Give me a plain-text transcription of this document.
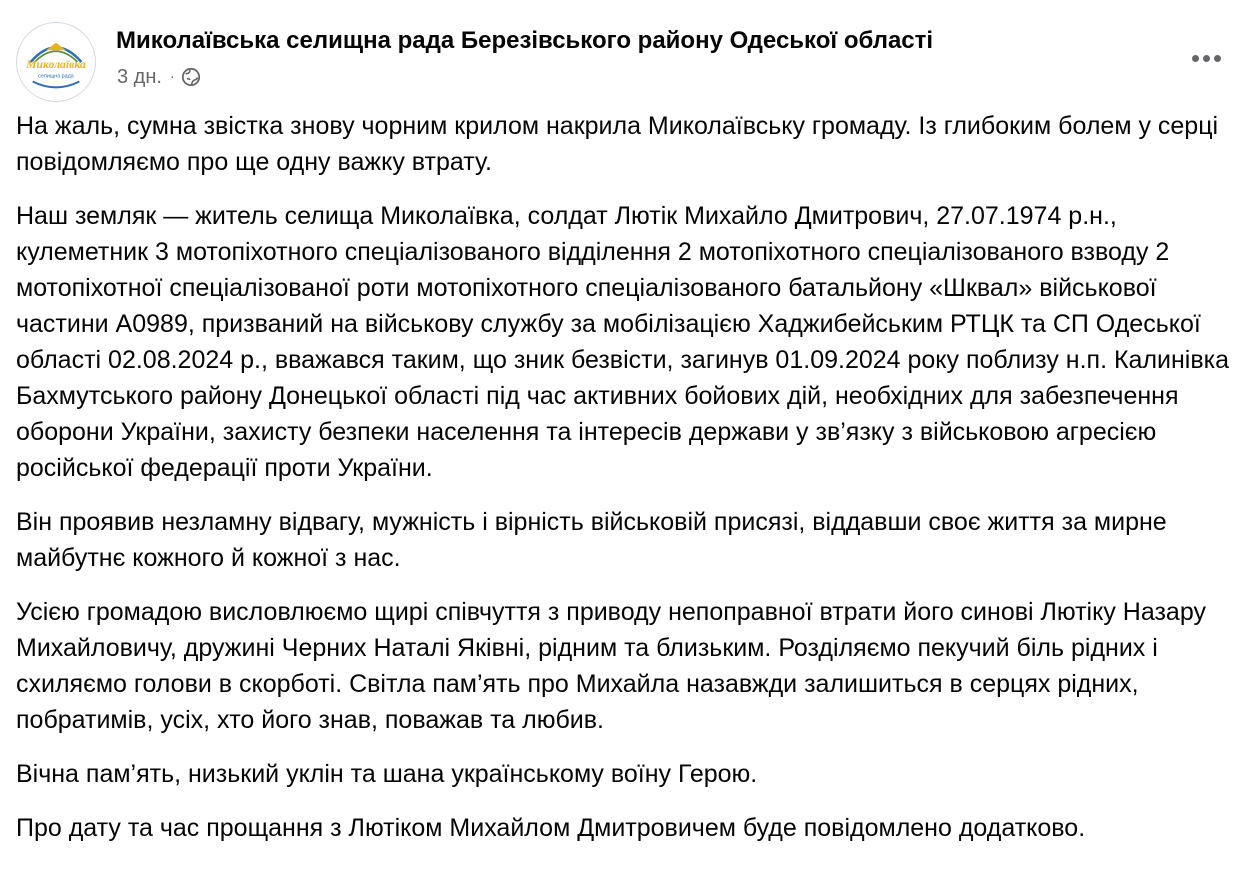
Миколаївка
селищна рада
Миколаївська селищна рада Березівського району Одеської області
3 дн. ·

На жаль, сумна звістка знову чорним крилом накрила Миколаївську громаду. Із глибоким болем у серці повідомляємо про ще одну важку втрату.

Наш земляк — житель селища Миколаївка, солдат Лютік Михайло Дмитрович, 27.07.1974 р.н., кулеметник 3 мотопіхотного спеціалізованого відділення 2 мотопіхотного спеціалізованого взводу 2 мотопіхотної спеціалізованої роти мотопіхотного спеціалізованого батальйону «Шквал» військової частини А0989, призваний на військову службу за мобілізацією Хаджибейським РТЦК та СП Одеської області 02.08.2024 р., вважався таким, що зник безвісти, загинув 01.09.2024 року поблизу н.п. Калинівка Бахмутського району Донецької області під час активних бойових дій, необхідних для забезпечення оборони України, захисту безпеки населення та інтересів держави у зв’язку з військовою агресією російської федерації проти України.

Він проявив незламну відвагу, мужність і вірність військовій присязі, віддавши своє життя за мирне майбутнє кожного й кожної з нас.

Усією громадою висловлюємо щирі співчуття з приводу непоправної втрати його синові Лютіку Назару Михайловичу, дружині Черних Наталі Яківні, рідним та близьким. Розділяємо пекучий біль рідних і схиляємо голови в скорботі. Світла пам’ять про Михайла назавжди залишиться в серцях рідних, побратимів, усіх, хто його знав, поважав та любив.

Вічна пам’ять, низький уклін та шана українському воїну Герою.

Про дату та час прощання з Лютіком Михайлом Дмитровичем буде повідомлено додатково.
